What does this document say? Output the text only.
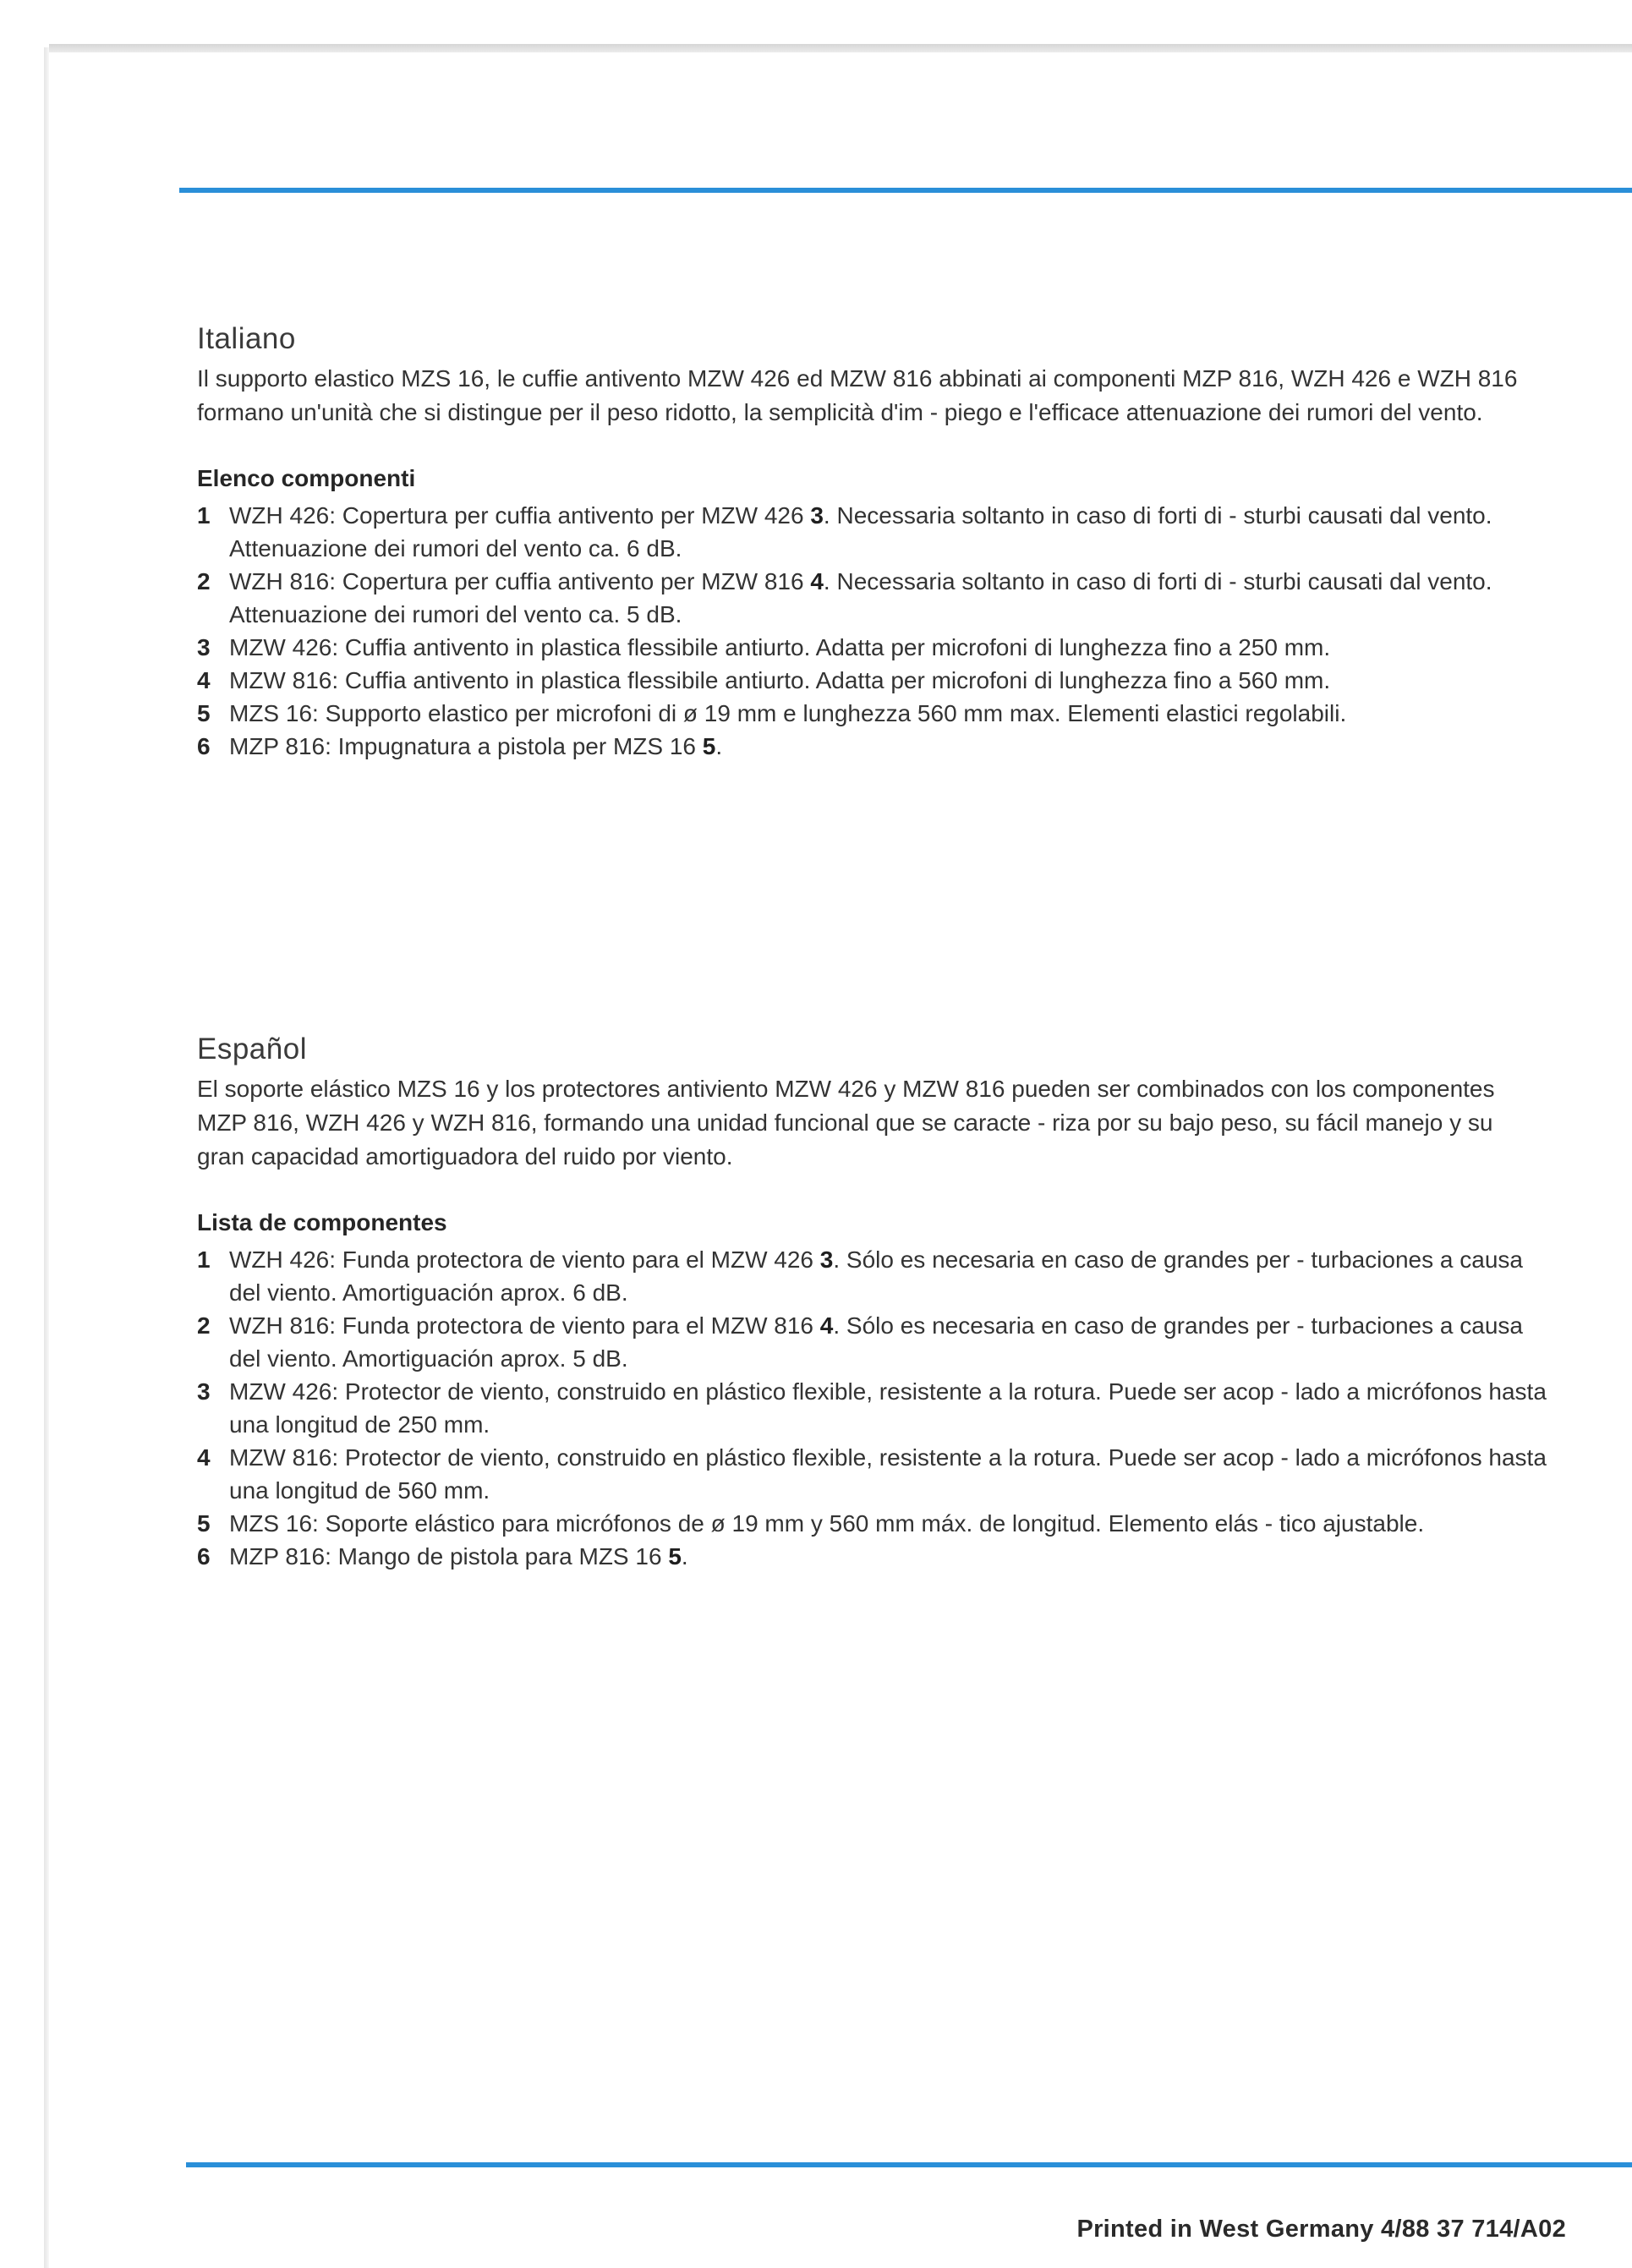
Italiano

Il supporto elastico MZS 16, le cuffie antivento MZW 426 ed MZW 816 abbinati ai componenti MZP 816, WZH 426 e WZH 816 formano un'unità che si distingue per il peso ridotto, la semplicità d'im - piego e l'efficace attenuazione dei rumori del vento.

Elenco componenti
1 WZH 426: Copertura per cuffia antivento per MZW 426 3. Necessaria soltanto in caso di forti di - sturbi causati dal vento. Attenuazione dei rumori del vento ca. 6 dB.
2 WZH 816: Copertura per cuffia antivento per MZW 816 4. Necessaria soltanto in caso di forti di - sturbi causati dal vento. Attenuazione dei rumori del vento ca. 5 dB.
3 MZW 426: Cuffia antivento in plastica flessibile antiurto. Adatta per microfoni di lunghezza fino a 250 mm.
4 MZW 816: Cuffia antivento in plastica flessibile antiurto. Adatta per microfoni di lunghezza fino a 560 mm.
5 MZS 16: Supporto elastico per microfoni di ø 19 mm e lunghezza 560 mm max. Elementi elastici regolabili.
6 MZP 816: Impugnatura a pistola per MZS 16 5.
Español

El soporte elástico MZS 16 y los protectores antiviento MZW 426 y MZW 816 pueden ser combinados con los componentes MZP 816, WZH 426 y WZH 816, formando una unidad funcional que se caracte - riza por su bajo peso, su fácil manejo y su gran capacidad amortiguadora del ruido por viento.

Lista de componentes
1 WZH 426: Funda protectora de viento para el MZW 426 3. Sólo es necesaria en caso de grandes per - turbaciones a causa del viento. Amortiguación aprox. 6 dB.
2 WZH 816: Funda protectora de viento para el MZW 816 4. Sólo es necesaria en caso de grandes per - turbaciones a causa del viento. Amortiguación aprox. 5 dB.
3 MZW 426: Protector de viento, construido en plástico flexible, resistente a la rotura. Puede ser acop - lado a micrófonos hasta una longitud de 250 mm.
4 MZW 816: Protector de viento, construido en plástico flexible, resistente a la rotura. Puede ser acop - lado a micrófonos hasta una longitud de 560 mm.
5 MZS 16: Soporte elástico para micrófonos de ø 19 mm y 560 mm máx. de longitud. Elemento elás - tico ajustable.
6 MZP 816: Mango de pistola para MZS 16 5.
Printed in West Germany 4/88 37 714/A02
